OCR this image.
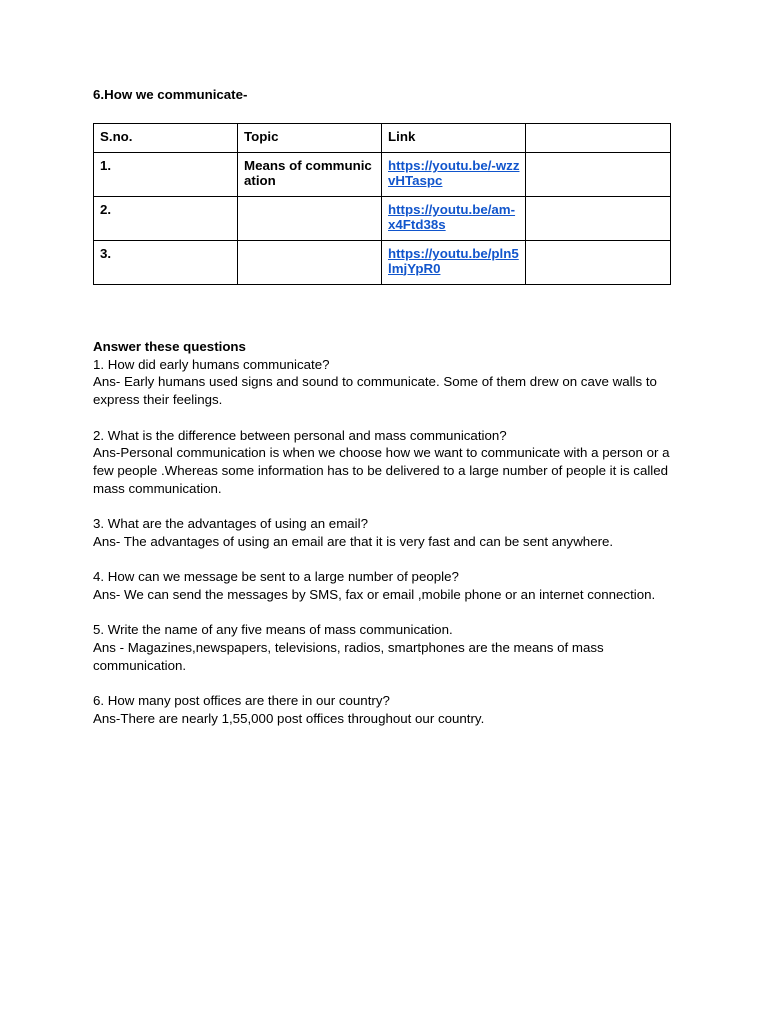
6.How we communicate-

S.no.	Topic	Link	
1.	Means of communication	https://youtu.be/-wzzvHTaspc	
2.		https://youtu.be/am-x4Ftd38s	
3.		https://youtu.be/pln5lmjYpR0	

Answer these questions

1. How did early humans communicate?

Ans- Early humans used signs and sound to communicate. Some of them drew on cave walls to express their feelings.

2. What is the difference between personal and mass communication?

Ans-Personal communication is when we choose how we want to communicate with a person or a few people .Whereas some information has to be delivered to a large number of people it is called mass communication.

3. What are the advantages of using an email?

Ans- The advantages of using an email are that it is very fast and can be sent anywhere.

4. How can we message be sent to a large number of people?

Ans- We can send the messages by SMS, fax or email ,mobile phone or an internet connection.

5. Write the name of any five means of mass communication.

Ans - Magazines,newspapers, televisions, radios, smartphones are the means of mass communication.

6. How many post offices are there in our country?

Ans-There are nearly 1,55,000 post offices throughout our country.
